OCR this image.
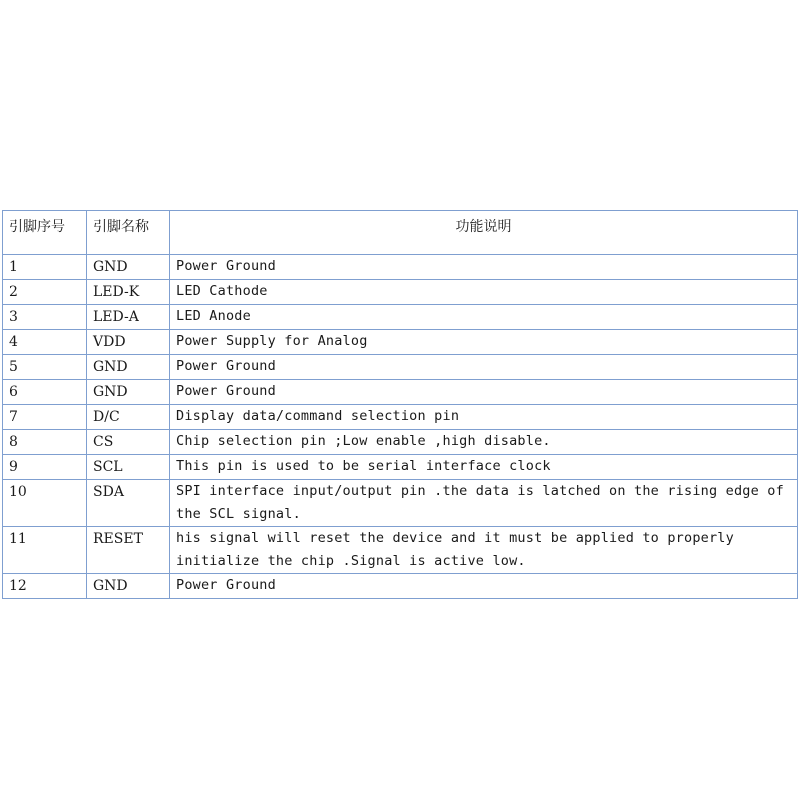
引脚序号	引脚名称	功能说明
1	GND	Power Ground
2	LED-K	LED Cathode
3	LED-A	LED Anode
4	VDD	Power Supply for Analog
5	GND	Power Ground
6	GND	Power Ground
7	D/C	Display data/command selection pin
8	CS	Chip selection pin ;Low enable ,high disable.
9	SCL	This pin is used to be serial interface clock
10	SDA	SPI interface input/output pin .the data is latched on the rising edge of the SCL signal.
11	RESET	his signal will reset the device and it must be applied to properly initialize the chip .Signal is active low.
12	GND	Power Ground
